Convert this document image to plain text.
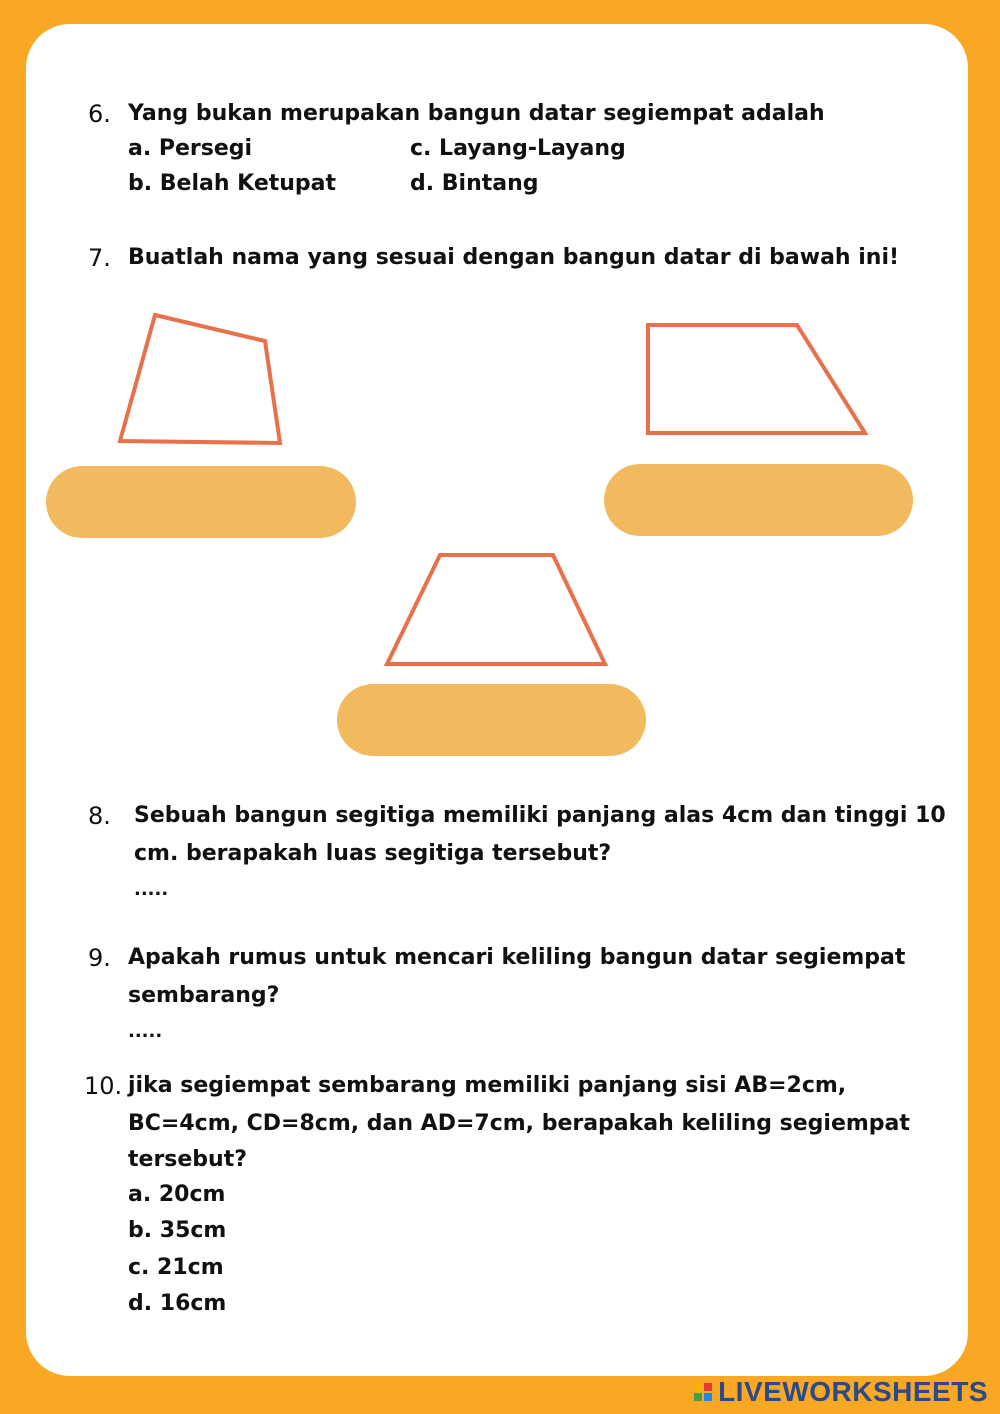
6. Yang bukan merupakan bangun datar segiempat adalah
a. Persegi
b. Belah Ketupat
c. Layang-Layang
d. Bintang
7. Buatlah nama yang sesuai dengan bangun datar di bawah ini!
8. Sebuah bangun segitiga memiliki panjang alas 4cm dan tinggi 10
cm. berapakah luas segitiga tersebut?
.....
9. Apakah rumus untuk mencari keliling bangun datar segiempat
sembarang?
.....
10. jika segiempat sembarang memiliki panjang sisi AB=2cm,
BC=4cm, CD=8cm, dan AD=7cm, berapakah keliling segiempat
tersebut?
a. 20cm
b. 35cm
c. 21cm
d. 16cm
LIVEWORKSHEETS
